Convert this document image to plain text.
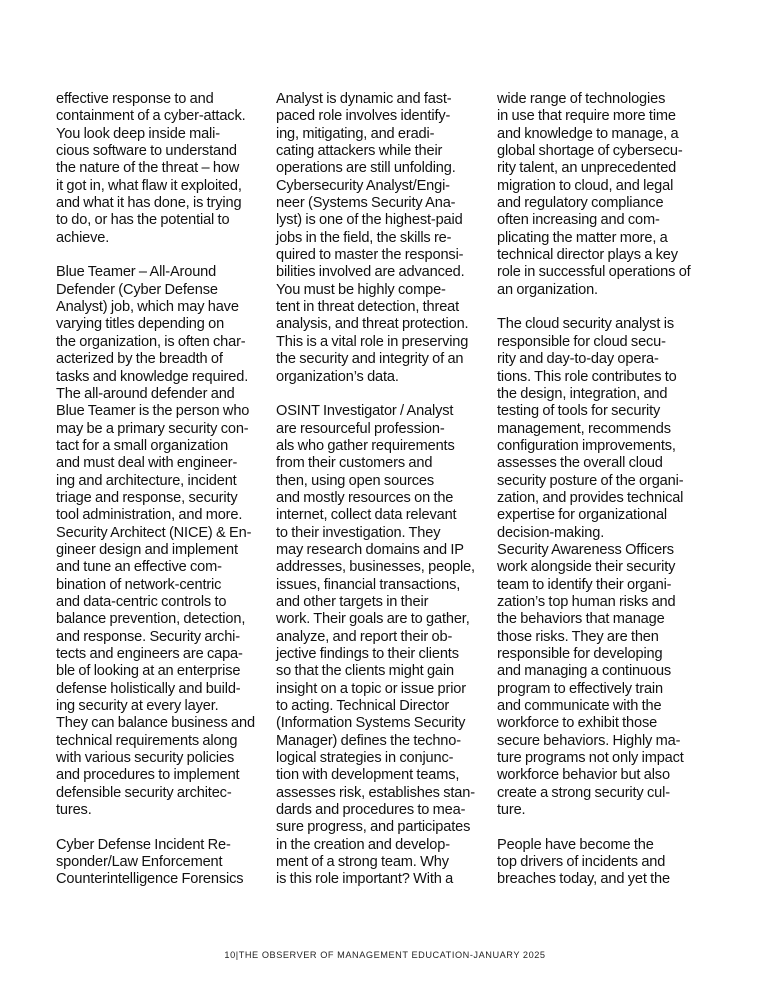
effective response to and
containment of a cyber-attack.
You look deep inside mali-
cious software to understand
the nature of the threat – how
it got in, what flaw it exploited,
and what it has done, is trying
to do, or has the potential to
achieve.
Blue Teamer – All-Around
Defender (Cyber Defense
Analyst) job, which may have
varying titles depending on
the organization, is often char-
acterized by the breadth of
tasks and knowledge required.
The all-around defender and
Blue Teamer is the person who
may be a primary security con-
tact for a small organization
and must deal with engineer-
ing and architecture, incident
triage and response, security
tool administration, and more.
Security Architect (NICE) & En-
gineer design and implement
and tune an effective com-
bination of network-centric
and data-centric controls to
balance prevention, detection,
and response. Security archi-
tects and engineers are capa-
ble of looking at an enterprise
defense holistically and build-
ing security at every layer.
They can balance business and
technical requirements along
with various security policies
and procedures to implement
defensible security architec-
tures.
Cyber Defense Incident Re-
sponder/Law Enforcement
Counterintelligence Forensics
Analyst is dynamic and fast-
paced role involves identify-
ing, mitigating, and eradi-
cating attackers while their
operations are still unfolding.
Cybersecurity Analyst/Engi-
neer (Systems Security Ana-
lyst) is one of the highest-paid
jobs in the field, the skills re-
quired to master the responsi-
bilities involved are advanced.
You must be highly compe-
tent in threat detection, threat
analysis, and threat protection.
This is a vital role in preserving
the security and integrity of an
organization’s data.
OSINT Investigator / Analyst
are resourceful profession-
als who gather requirements
from their customers and
then, using open sources
and mostly resources on the
internet, collect data relevant
to their investigation. They
may research domains and IP
addresses, businesses, people,
issues, financial transactions,
and other targets in their
work. Their goals are to gather,
analyze, and report their ob-
jective findings to their clients
so that the clients might gain
insight on a topic or issue prior
to acting. Technical Director
(Information Systems Security
Manager) defines the techno-
logical strategies in conjunc-
tion with development teams,
assesses risk, establishes stan-
dards and procedures to mea-
sure progress, and participates
in the creation and develop-
ment of a strong team. Why
is this role important? With a
wide range of technologies
in use that require more time
and knowledge to manage, a
global shortage of cybersecu-
rity talent, an unprecedented
migration to cloud, and legal
and regulatory compliance
often increasing and com-
plicating the matter more, a
technical director plays a key
role in successful operations of
an organization.
The cloud security analyst is
responsible for cloud secu-
rity and day-to-day opera-
tions. This role contributes to
the design, integration, and
testing of tools for security
management, recommends
configuration improvements,
assesses the overall cloud
security posture of the organi-
zation, and provides technical
expertise for organizational
decision-making.
Security Awareness Officers
work alongside their security
team to identify their organi-
zation’s top human risks and
the behaviors that manage
those risks. They are then
responsible for developing
and managing a continuous
program to effectively train
and communicate with the
workforce to exhibit those
secure behaviors. Highly ma-
ture programs not only impact
workforce behavior but also
create a strong security cul-
ture.
People have become the
top drivers of incidents and
breaches today, and yet the
10|THE OBSERVER OF MANAGEMENT EDUCATION-JANUARY 2025
